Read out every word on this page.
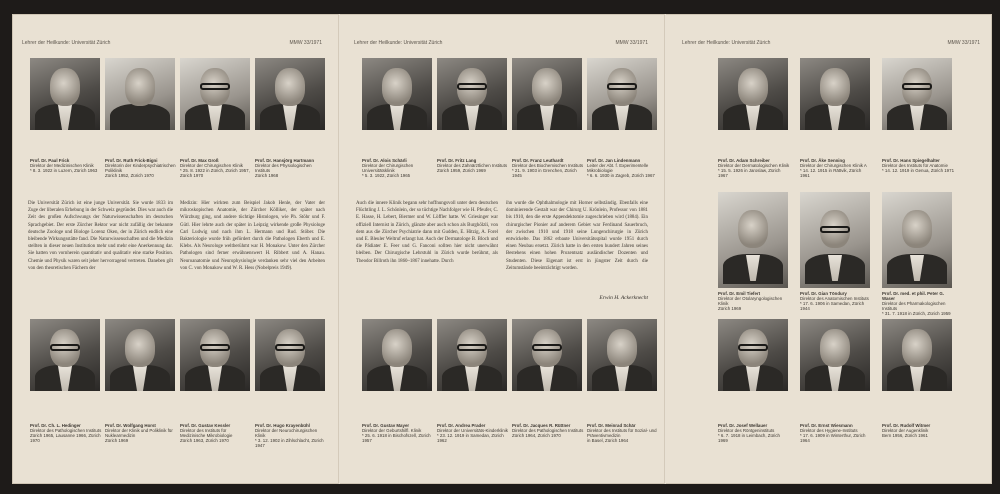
Lehrer der Heilkunde: Universität Zürich	MMW 33/1971
Prof. Dr. Paul Frick
Direktor der Medizinischen Klinik
* 8. 3. 1922 in Luzern, Zürich 1963
Prof. Dr. Ruth Frick-Bigni
Direktorin der Kinderpsychiatrischen Poliklinik
Zürich 1952, Zürich 1970
Prof. Dr. Max Groß
Direktor der Chirurgischen Klinik
* 25. 8. 1922 in Zürich, Zürich 1957, Zürich 1970
Prof. Dr. Hansjörg Hartmann
Direktor des Physiologischen Instituts
Zürich 1968
Die Universität Zürich ist eine junge Universität. Sie wurde 1833 im Zuge der liberalen Erhebung in der Schweiz gegründet. Dies war auch die Zeit des großen Aufschwungs der Naturwissenschaften im deutschen Sprachgebiet. Der erste Zürcher Rektor war nicht zufällig der bekannte deutsche Zoologe und Biologe Lorenz Oken, der in Zürich endlich eine bleibende Wirkungsstätte fand. Die Naturwissenschaften und die Medizin stellten in dieser neuen Institution mehr und mehr eine Anerkennung dar. Sie hatten von vornherein quantitativ und qualitativ eine starke Position. Chemie und Physik waren seit jeher hervorragend vertreten. Daneben gilt von den theoretischen Fächern der
Medizin: Hier wirkten zum Beispiel Jakob Henle, der Vater der mikroskopischen Anatomie, der Zürcher Kölliker, der später nach Würzburg ging, und andere tüchtige Histologen, wie Ph. Stöhr und F. Gütl. Hier lehrte auch der später in Leipzig wirkende große Physiologe Carl Ludwig und nach ihm L. Hermann und Rud. Stöber. Die Bakteriologie wurde früh gefördert durch die Pathologen Eberth und E. Klebs. Als Neurologe weltberühmt war H. Monakow. Unter den Zürcher Pathologen sind ferner erwähnenswert H. Ribbert und A. Hanau. Neuroanatomie und Neurophysiologie verdanken sehr viel den Arbeiten von C. von Monakow und W. R. Hess (Nobelpreis 1949).
Prof. Dr. Ch. L. Hedinger
Direktor des Pathologischen Instituts
Zürich 1965, Lausanne 1966, Zürich 1970
Prof. Dr. Wolfgang Horst
Direktor der Klinik und Poliklinik für Nuklearmedizin
Zürich 1969
Prof. Dr. Gustav Kessler
Direktor des Instituts für Medizinische Mikrobiologie
Zürich 1963, Zürich 1970
Prof. Dr. Hugo Krayenbühl
Direktor der Neurochirurgischen Klinik
* 3. 12. 1902 in Zihlschlacht, Zürich 1947
Lehrer der Heilkunde: Universität Zürich	MMW 33/1971
Prof. Dr. Alois Schärli
Direktor der Chirurgischen Universitätsklinik
* 5. 3. 1922, Zürich 1965
Prof. Dr. Fritz Lang
Direktor des Zahnärztlichen Instituts
Zürich 1959, Zürich 1969
Prof. Dr. Franz Leuthardt
Direktor des Biochemischen Instituts
* 21. 9. 1903 in Grenchen, Zürich 1945
Prof. Dr. Jan Lindenmann
Leiter der Abt. f. Experimentelle Mikrobiologie
* 6. 6. 1930 in Zagreb, Zürich 1967
Auch die innere Klinik begann sehr hoffnungsvoll unter dem deutschen Flüchtling J. L. Schönlein, der so tüchtige Nachfolger wie H. Pfeufer, C. E. Hasse, H. Lebert, Biermer und W. Löffler hatte. W. Griesinger war offiziell Internist in Zürich, glänzte aber auch schon als Burghölzli, von dem aus die Zürcher Psychiatrie dann mit Gudden, E. Hitzig, A. Forel und E. Bleuler Weltruf erlangt hat. Auch der Dermatologe B. Bloch und die Pädiater E. Feer und G. Fanconi sollten hier nicht unerwähnt bleiben. Der Chirurgische Lehrstuhl in Zürich wurde berühmt, als Theodor Billroth ihn 1860–1867 innehatte. Durch
ihn wurde die Ophthalmologie mit Horner selbständig. Ebenfalls eine dominierende Gestalt war der Chirurg U. Krönlein, Professor von 1881 bis 1910, den die erste Appendektomie zugeschrieben wird (1884). Ein chirurgischer Pionier auf anderem Gebiet war Ferdinand Sauerbruch, der zwischen 1910 und 1918 seine Lungenchirurgie in Zürich entwickelte. Das 1862 erbaute Universitätsspital wurde 1951 durch einen Neubau ersetzt. Zürich hatte in den ersten hundert Jahren seines Bestehens einen hohen Prozentsatz ausländischer Dozenten und Studenten. Diese Eigenart ist erst in jüngster Zeit durch die Zeitumstände beeinträchtigt worden.
Erwin H. Ackerknecht
Prof. Dr. Gustav Mayer
Direktor der Geburtshilfl. Klinik
* 25. 6. 1918 in Bischofszell, Zürich 1957
Prof. Dr. Andrea Prader
Direktor der Universitäts-Kinderklinik
* 23. 12. 1919 in Samedan, Zürich 1962
Prof. Dr. Jacques R. Rüttner
Direktor des Pathologischen Instituts
Zürich 1964, Zürich 1970
Prof. Dr. Meinrad Schär
Direktor des Instituts für Sozial- und Präventivmedizin
in Basel, Zürich 1964
Lehrer der Heilkunde: Universität Zürich	MMW 33/1971
Prof. Dr. Adam Schreiber
Direktor der Dermatologischen Klinik
* 15. 5. 1926 in Jaroslaw, Zürich 1967
Prof. Dr. Åke Senning
Direktor der Chirurgischen Klinik A
* 14. 12. 1915 in Rättvik, Zürich 1961
Prof. Dr. Hans Spiegelhalter
Direktor des Instituts für Anatomie
* 14. 12. 1919 in Genua, Zürich 1971
Prof. Dr. Emil Tiefert
Direktor der Otolaryngologischen Klinik
Zürich 1969
Prof. Dr. Gian Töndury
Direktor des Anatomischen Instituts
* 17. 6. 1906 in Samedan, Zürich 1944
Prof. Dr. med. et phil. Peter G. Waser
Direktor des Pharmakologischen Instituts
* 31. 7. 1918 in Zürich, Zürich 1959
Prof. Dr. Josef Wellauer
Direktor des Röntgeninstituts
* 6. 7. 1918 in Leimbach, Zürich 1969
Prof. Dr. Ernst Wiesmann
Direktor des Hygiene-Instituts
* 17. 6. 1909 in Winterthur, Zürich 1964
Prof. Dr. Rudolf Witmer
Direktor der Augenklinik
Bern 1956, Zürich 1961
